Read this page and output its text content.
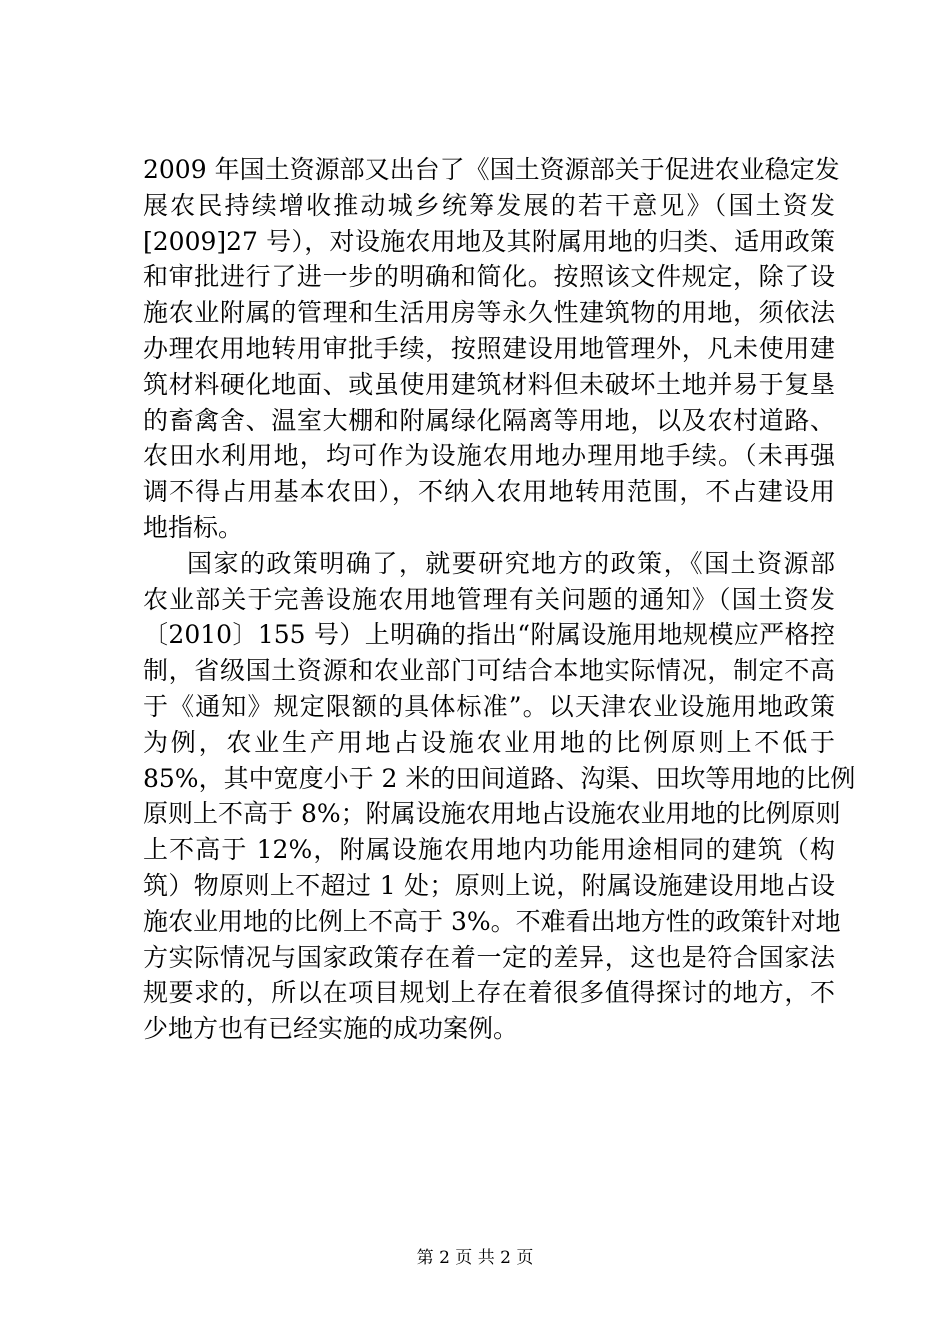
2009 年国土资源部又出台了《国土资源部关于促进农业稳定发
展农民持续增收推动城乡统筹发展的若干意见》（国土资发
[2009]27 号），对设施农用地及其附属用地的归类、适用政策
和审批进行了进一步的明确和简化。按照该文件规定，除了设
施农业附属的管理和生活用房等永久性建筑物的用地，须依法
办理农用地转用审批手续，按照建设用地管理外，凡未使用建
筑材料硬化地面、或虽使用建筑材料但未破坏土地并易于复垦
的畜禽舍、温室大棚和附属绿化隔离等用地，以及农村道路、
农田水利用地，均可作为设施农用地办理用地手续。（未再强
调不得占用基本农田），不纳入农用地转用范围，不占建设用
地指标。
国家的政策明确了，就要研究地方的政策，《国土资源部
农业部关于完善设施农用地管理有关问题的通知》（国土资发
〔2010〕155 号）上明确的指出“附属设施用地规模应严格控
制，省级国土资源和农业部门可结合本地实际情况，制定不高
于《通知》规定限额的具体标准”。以天津农业设施用地政策
为例，农业生产用地占设施农业用地的比例原则上不低于
85%，其中宽度小于 2 米的田间道路、沟渠、田坎等用地的比例
原则上不高于 8%；附属设施农用地占设施农业用地的比例原则
上不高于 12%，附属设施农用地内功能用途相同的建筑（构
筑）物原则上不超过 1 处；原则上说，附属设施建设用地占设
施农业用地的比例上不高于 3%。不难看出地方性的政策针对地
方实际情况与国家政策存在着一定的差异，这也是符合国家法
规要求的，所以在项目规划上存在着很多值得探讨的地方，不
少地方也有已经实施的成功案例。
第 2 页 共 2 页
